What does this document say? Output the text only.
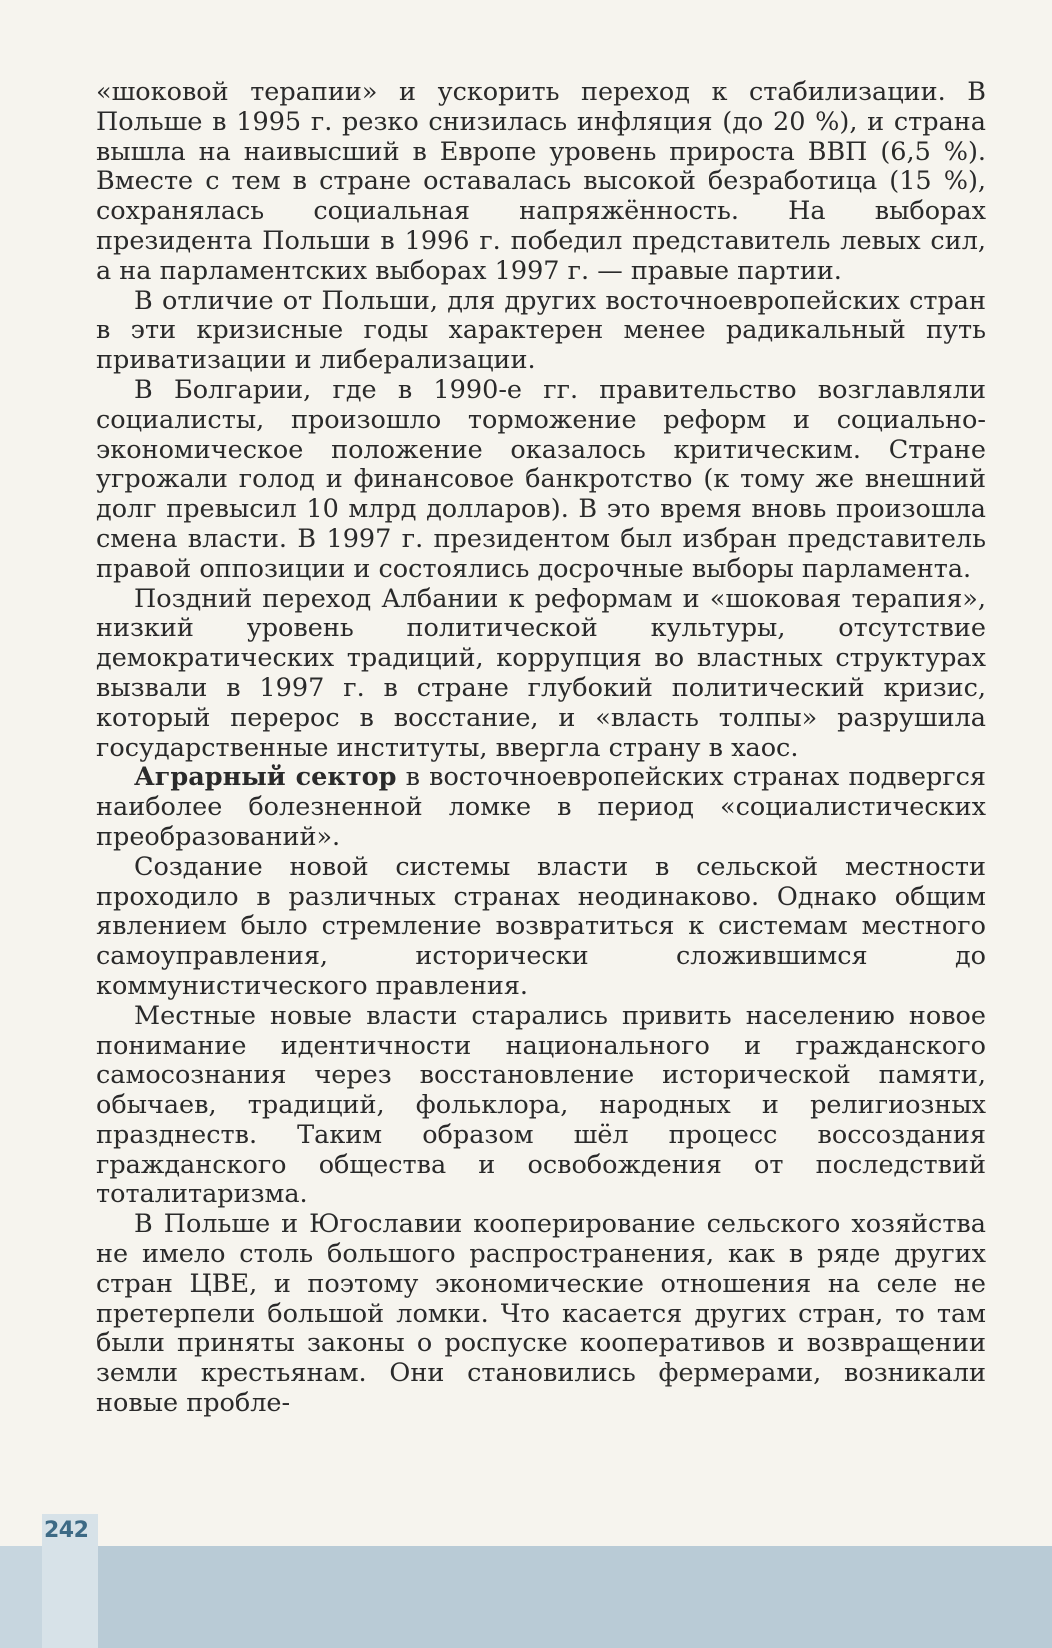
«шоковой терапии» и ускорить переход к стабилизации. В Польше в 1995 г. резко снизилась инфляция (до 20 %), и страна вышла на наивысший в Европе уровень прироста ВВП (6,5 %). Вместе с тем в стране оставалась высокой безработица (15 %), сохранялась социальная напряжённость. На выборах президента Польши в 1996 г. победил представитель левых сил, а на парламентских выборах 1997 г. — правые партии.

В отличие от Польши, для других восточноевропейских стран в эти кризисные годы характерен менее радикальный путь приватизации и либерализации.

В Болгарии, где в 1990-е гг. правительство возглавляли социалисты, произошло торможение реформ и социально-экономическое положение оказалось критическим. Стране угрожали голод и финансовое банкротство (к тому же внешний долг превысил 10 млрд долларов). В это время вновь произошла смена власти. В 1997 г. президентом был избран представитель правой оппозиции и состоялись досрочные выборы парламента.

Поздний переход Албании к реформам и «шоковая терапия», низкий уровень политической культуры, отсутствие демократических традиций, коррупция во властных структурах вызвали в 1997 г. в стране глубокий политический кризис, который перерос в восстание, и «власть толпы» разрушила государственные институты, ввергла страну в хаос.

Аграрный сектор в восточноевропейских странах подвергся наиболее болезненной ломке в период «социалистических преобразований».

Создание новой системы власти в сельской местности проходило в различных странах неодинаково. Однако общим явлением было стремление возвратиться к системам местного самоуправления, исторически сложившимся до коммунистического правления.

Местные новые власти старались привить населению новое понимание идентичности национального и гражданского самосознания через восстановление исторической памяти, обычаев, традиций, фольклора, народных и религиозных празднеств. Таким образом шёл процесс воссоздания гражданского общества и освобождения от последствий тоталитаризма.

В Польше и Югославии кооперирование сельского хозяйства не имело столь большого распространения, как в ряде других стран ЦВЕ, и поэтому экономические отношения на селе не претерпели большой ломки. Что касается других стран, то там были приняты законы о роспуске кооперативов и возвращении земли крестьянам. Они становились фермерами, возникали новые пробле-

242
